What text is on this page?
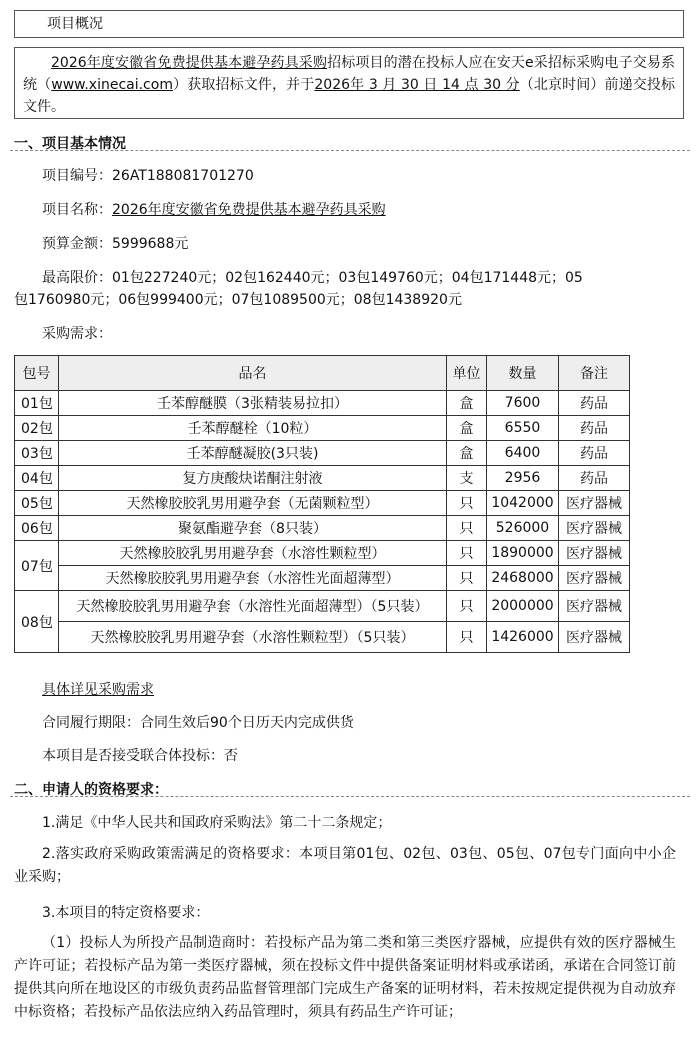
项目概况
2026年度安徽省免费提供基本避孕药具采购招标项目的潜在投标人应在安天e采招标采购电子交易系统（www.xinecai.com）获取招标文件，并于2026年 3 月 30 日 14 点 30 分（北京时间）前递交投标文件。
一、项目基本情况
项目编号：26AT188081701270
项目名称：2026年度安徽省免费提供基本避孕药具采购
预算金额：5999688元
最高限价：01包227240元；02包162440元；03包149760元；04包171448元；05
包1760980元；06包999400元；07包1089500元；08包1438920元
采购需求：
包号	品名	单位	数量	备注
01包	壬苯醇醚膜（3张精装易拉扣）	盒	7600	药品
02包	壬苯醇醚栓（10粒）	盒	6550	药品
03包	壬苯醇醚凝胶(3只装)	盒	6400	药品
04包	复方庚酸炔诺酮注射液	支	2956	药品
05包	天然橡胶胶乳男用避孕套（无菌颗粒型）	只	1042000	医疗器械
06包	聚氨酯避孕套（8只装）	只	526000	医疗器械
07包	天然橡胶胶乳男用避孕套（水溶性颗粒型）	只	1890000	医疗器械
	天然橡胶胶乳男用避孕套（水溶性光面超薄型）	只	2468000	医疗器械
08包	天然橡胶胶乳男用避孕套（水溶性光面超薄型）（5只装）	只	2000000	医疗器械
	天然橡胶胶乳男用避孕套（水溶性颗粒型）（5只装）	只	1426000	医疗器械
具体详见采购需求
合同履行期限：合同生效后90个日历天内完成供货
本项目是否接受联合体投标：否
二、申请人的资格要求：
1.满足《中华人民共和国政府采购法》第二十二条规定；
2.落实政府采购政策需满足的资格要求：本项目第01包、02包、03包、05包、07包专门面向中小企业采购；
3.本项目的特定资格要求：
（1）投标人为所投产品制造商时：若投标产品为第二类和第三类医疗器械，应提供有效的医疗器械生产许可证；若投标产品为第一类医疗器械，须在投标文件中提供备案证明材料或承诺函，承诺在合同签订前提供其向所在地设区的市级负责药品监督管理部门完成生产备案的证明材料，若未按规定提供视为自动放弃中标资格；若投标产品依法应纳入药品管理时，须具有药品生产许可证；
